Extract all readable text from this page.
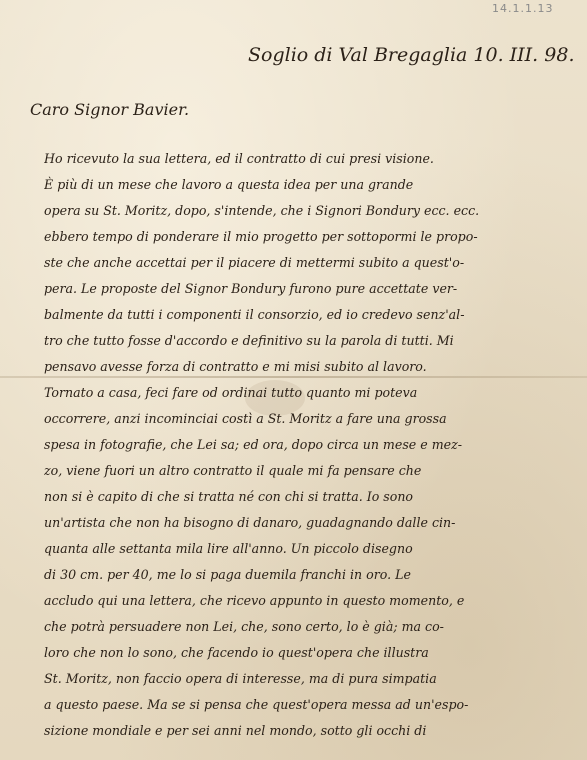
14.1.1.13
Soglio di Val Bregaglia 10. III. 98.
Caro Signor Bavier.
Ho ricevuto la sua lettera, ed il contratto di cui presi visione.
È più di un mese che lavoro a questa idea per una grande
opera su St. Moritz, dopo, s'intende, che i Signori Bondury ecc. ecc.
ebbero tempo di ponderare il mio progetto per sottopormi le propo-
ste che anche accettai per il piacere di mettermi subito a quest'o-
pera. Le proposte del Signor Bondury furono pure accettate ver-
balmente da tutti i componenti il consorzio, ed io credevo senz'al-
tro che tutto fosse d'accordo e definitivo su la parola di tutti. Mi
pensavo avesse forza di contratto e mi misi subito al lavoro.
Tornato a casa, feci fare od ordinai tutto quanto mi poteva
occorrere, anzi incominciai costì a St. Moritz a fare una grossa
spesa in fotografie, che Lei sa; ed ora, dopo circa un mese e mez-
zo, viene fuori un altro contratto il quale mi fa pensare che
non si è capito di che si tratta né con chi si tratta. Io sono
un'artista che non ha bisogno di danaro, guadagnando dalle cin-
quanta alle settanta mila lire all'anno. Un piccolo disegno
di 30 cm. per 40, me lo si paga duemila franchi in oro. Le
accludo qui una lettera, che ricevo appunto in questo momento, e
che potrà persuadere non Lei, che, sono certo, lo è già; ma co-
loro che non lo sono, che facendo io quest'opera che illustra
St. Moritz, non faccio opera di interesse, ma di pura simpatia
a questo paese. Ma se si pensa che quest'opera messa ad un'espo-
sizione mondiale e per sei anni nel mondo, sotto gli occhi di
